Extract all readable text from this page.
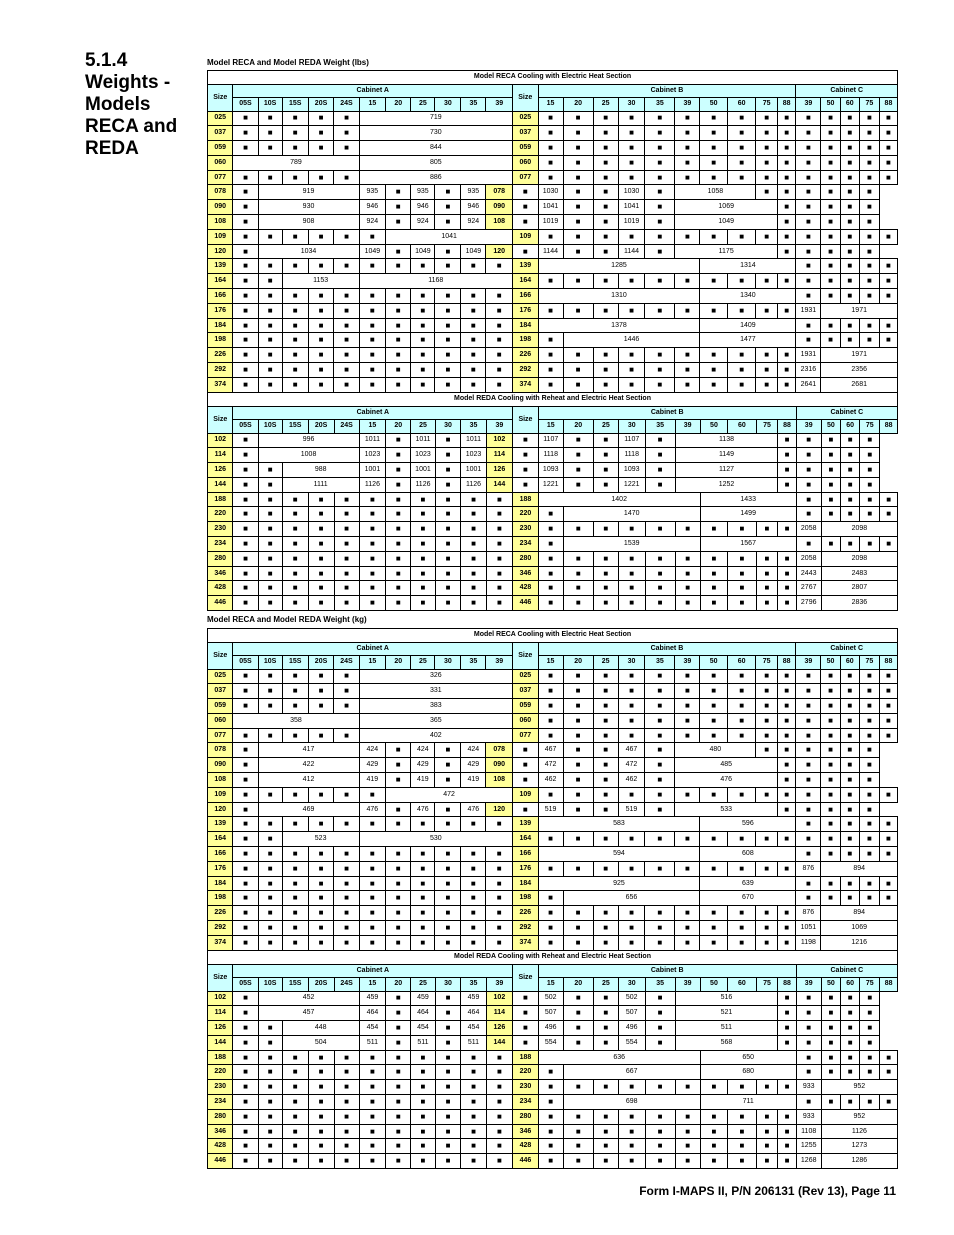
5.1.4
Weights -
Models
RECA and
REDA
Model RECA and Model REDA Weight (lbs)
Model RECA Cooling with Electric Heat Section																											
Size	Cabinet A											Size	Cabinet B										Cabinet C				
	05S	10S	15S	20S	24S	15	20	25	30	35	39		15	20	25	30	35	39	50	60	75	88	39	50	60	75	88
025	■	■	■	■	■	719						025	■	■	■	■	■	■	■	■	■	■	■	■	■	■	■
037	■	■	■	■	■	730						037	■	■	■	■	■	■	■	■	■	■	■	■	■	■	■
059	■	■	■	■	■	844						059	■	■	■	■	■	■	■	■	■	■	■	■	■	■	■
060	789					805						060	■	■	■	■	■	■	■	■	■	■	■	■	■	■	■
077	■	■	■	■	■	886						077	■	■	■	■	■	■	■	■	■	■	■	■	■	■	■
078	■	919				935	■	935	■	935	078	■	1030	■	■	1030	■	1058			■	■	■	■	■	■	
090	■	930				946	■	946	■	946	090	■	1041	■	■	1041	■	1069				■	■	■	■	■	
108	■	908				924	■	924	■	924	108	■	1019	■	■	1019	■	1049				■	■	■	■	■	
109	■	■	■	■	■	■	1041					109	■	■	■	■	■	■	■	■	■	■	■	■	■	■	■
120	■	1034				1049	■	1049	■	1049	120	■	1144	■	■	1144	■	1175				■	■	■	■	■	
139	■	■	■	■	■	■	■	■	■	■	■	139	1285						1314				■	■	■	■	■
164	■	■	1153			1168						164	■	■	■	■	■	■	■	■	■	■	■	■	■	■	■
166	■	■	■	■	■	■	■	■	■	■	■	166	1310						1340				■	■	■	■	■
176	■	■	■	■	■	■	■	■	■	■	■	176	■	■	■	■	■	■	■	■	■	■	1931	1971			
184	■	■	■	■	■	■	■	■	■	■	■	184	1378						1409				■	■	■	■	■
198	■	■	■	■	■	■	■	■	■	■	■	198	■	1446					1477				■	■	■	■	■
226	■	■	■	■	■	■	■	■	■	■	■	226	■	■	■	■	■	■	■	■	■	■	1931	1971			
292	■	■	■	■	■	■	■	■	■	■	■	292	■	■	■	■	■	■	■	■	■	■	2316	2356			
374	■	■	■	■	■	■	■	■	■	■	■	374	■	■	■	■	■	■	■	■	■	■	2641	2681			
Model REDA Cooling with Reheat and Electric Heat Section																											
Size	Cabinet A											Size	Cabinet B										Cabinet C				
	05S	10S	15S	20S	24S	15	20	25	30	35	39		15	20	25	30	35	39	50	60	75	88	39	50	60	75	88
102	■	996				1011	■	1011	■	1011	102	■	1107	■	■	1107	■	1138				■	■	■	■	■	
114	■	1008				1023	■	1023	■	1023	114	■	1118	■	■	1118	■	1149				■	■	■	■	■	
126	■	■	988			1001	■	1001	■	1001	126	■	1093	■	■	1093	■	1127				■	■	■	■	■	
144	■	■	1111			1126	■	1126	■	1126	144	■	1221	■	■	1221	■	1252				■	■	■	■	■	
188	■	■	■	■	■	■	■	■	■	■	■	188	1402						1433				■	■	■	■	■
220	■	■	■	■	■	■	■	■	■	■	■	220	■	1470					1499				■	■	■	■	■
230	■	■	■	■	■	■	■	■	■	■	■	230	■	■	■	■	■	■	■	■	■	■	2058	2098			
234	■	■	■	■	■	■	■	■	■	■	■	234	■	1539					1567				■	■	■	■	■
280	■	■	■	■	■	■	■	■	■	■	■	280	■	■	■	■	■	■	■	■	■	■	2058	2098			
346	■	■	■	■	■	■	■	■	■	■	■	346	■	■	■	■	■	■	■	■	■	■	2443	2483			
428	■	■	■	■	■	■	■	■	■	■	■	428	■	■	■	■	■	■	■	■	■	■	2767	2807			
446	■	■	■	■	■	■	■	■	■	■	■	446	■	■	■	■	■	■	■	■	■	■	2796	2836			
Model RECA and Model REDA Weight (kg)
Model RECA Cooling with Electric Heat Section																											
Size	Cabinet A											Size	Cabinet B										Cabinet C				
	05S	10S	15S	20S	24S	15	20	25	30	35	39		15	20	25	30	35	39	50	60	75	88	39	50	60	75	88
025	■	■	■	■	■	326						025	■	■	■	■	■	■	■	■	■	■	■	■	■	■	■
037	■	■	■	■	■	331						037	■	■	■	■	■	■	■	■	■	■	■	■	■	■	■
059	■	■	■	■	■	383						059	■	■	■	■	■	■	■	■	■	■	■	■	■	■	■
060	358					365						060	■	■	■	■	■	■	■	■	■	■	■	■	■	■	■
077	■	■	■	■	■	402						077	■	■	■	■	■	■	■	■	■	■	■	■	■	■	■
078	■	417				424	■	424	■	424	078	■	467	■	■	467	■	480			■	■	■	■	■	■	
090	■	422				429	■	429	■	429	090	■	472	■	■	472	■	485				■	■	■	■	■	
108	■	412				419	■	419	■	419	108	■	462	■	■	462	■	476				■	■	■	■	■	
109	■	■	■	■	■	■	472					109	■	■	■	■	■	■	■	■	■	■	■	■	■	■	■
120	■	469				476	■	476	■	476	120	■	519	■	■	519	■	533				■	■	■	■	■	
139	■	■	■	■	■	■	■	■	■	■	■	139	583						596				■	■	■	■	■
164	■	■	523			530						164	■	■	■	■	■	■	■	■	■	■	■	■	■	■	■
166	■	■	■	■	■	■	■	■	■	■	■	166	594						608				■	■	■	■	■
176	■	■	■	■	■	■	■	■	■	■	■	176	■	■	■	■	■	■	■	■	■	■	876	894			
184	■	■	■	■	■	■	■	■	■	■	■	184	925						639				■	■	■	■	■
198	■	■	■	■	■	■	■	■	■	■	■	198	■	656					670				■	■	■	■	■
226	■	■	■	■	■	■	■	■	■	■	■	226	■	■	■	■	■	■	■	■	■	■	876	894			
292	■	■	■	■	■	■	■	■	■	■	■	292	■	■	■	■	■	■	■	■	■	■	1051	1069			
374	■	■	■	■	■	■	■	■	■	■	■	374	■	■	■	■	■	■	■	■	■	■	1198	1216			
Model REDA Cooling with Reheat and Electric Heat Section																											
Size	Cabinet A											Size	Cabinet B										Cabinet C				
	05S	10S	15S	20S	24S	15	20	25	30	35	39		15	20	25	30	35	39	50	60	75	88	39	50	60	75	88
102	■	452				459	■	459	■	459	102	■	502	■	■	502	■	516				■	■	■	■	■	
114	■	457				464	■	464	■	464	114	■	507	■	■	507	■	521				■	■	■	■	■	
126	■	■	448			454	■	454	■	454	126	■	496	■	■	496	■	511				■	■	■	■	■	
144	■	■	504			511	■	511	■	511	144	■	554	■	■	554	■	568				■	■	■	■	■	
188	■	■	■	■	■	■	■	■	■	■	■	188	636						650				■	■	■	■	■
220	■	■	■	■	■	■	■	■	■	■	■	220	■	667					680				■	■	■	■	■
230	■	■	■	■	■	■	■	■	■	■	■	230	■	■	■	■	■	■	■	■	■	■	933	952			
234	■	■	■	■	■	■	■	■	■	■	■	234	■	698					711				■	■	■	■	■
280	■	■	■	■	■	■	■	■	■	■	■	280	■	■	■	■	■	■	■	■	■	■	933	952			
346	■	■	■	■	■	■	■	■	■	■	■	346	■	■	■	■	■	■	■	■	■	■	1108	1126			
428	■	■	■	■	■	■	■	■	■	■	■	428	■	■	■	■	■	■	■	■	■	■	1255	1273			
446	■	■	■	■	■	■	■	■	■	■	■	446	■	■	■	■	■	■	■	■	■	■	1268	1286			
Form I-MAPS II, P/N 206131 (Rev 13), Page 11
